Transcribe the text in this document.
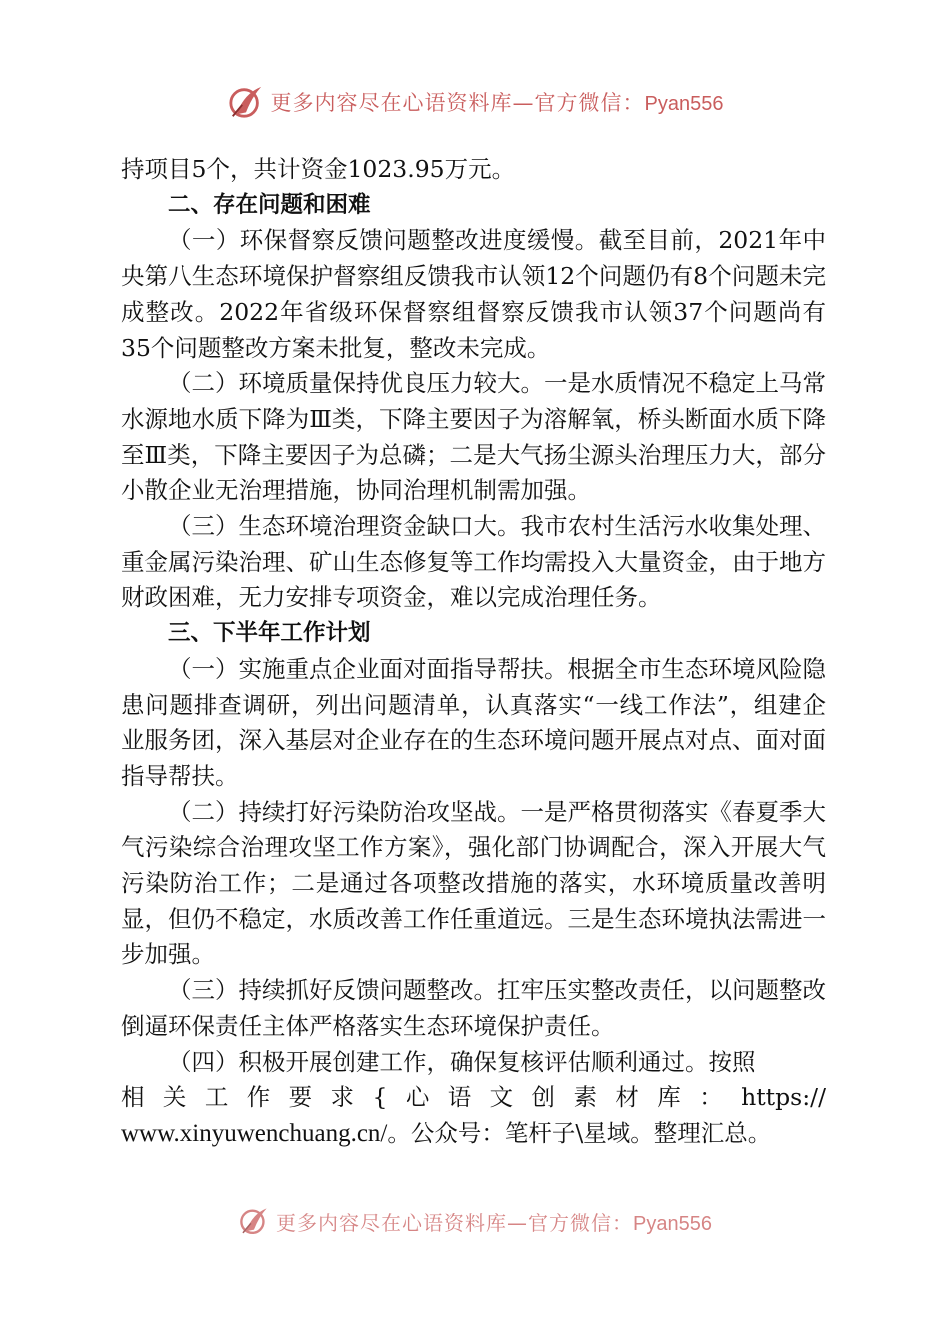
更多内容尽在心语资料库—官方微信：Pyan556

持项目5个，共计资金1023.95万元。

二、存在问题和困难

（一）环保督察反馈问题整改进度缓慢。截至目前，2021年中央第八生态环境保护督察组反馈我市认领12个问题仍有8个问题未完成整改。2022年省级环保督察组督察反馈我市认领37个问题尚有35个问题整改方案未批复，整改未完成。

（二）环境质量保持优良压力较大。一是水质情况不稳定上马常水源地水质下降为Ⅲ类，下降主要因子为溶解氧，桥头断面水质下降至Ⅲ类，下降主要因子为总磷；二是大气扬尘源头治理压力大，部分小散企业无治理措施，协同治理机制需加强。

（三）生态环境治理资金缺口大。我市农村生活污水收集处理、重金属污染治理、矿山生态修复等工作均需投入大量资金，由于地方财政困难，无力安排专项资金，难以完成治理任务。

三、下半年工作计划

（一）实施重点企业面对面指导帮扶。根据全市生态环境风险隐患问题排查调研，列出问题清单，认真落实“一线工作法”，组建企业服务团，深入基层对企业存在的生态环境问题开展点对点、面对面指导帮扶。

（二）持续打好污染防治攻坚战。一是严格贯彻落实《春夏季大气污染综合治理攻坚工作方案》，强化部门协调配合，深入开展大气污染防治工作；二是通过各项整改措施的落实，水环境质量改善明显，但仍不稳定，水质改善工作任重道远。三是生态环境执法需进一步加强。

（三）持续抓好反馈问题整改。扛牢压实整改责任，以问题整改倒逼环保责任主体严格落实生态环境保护责任。

（四）积极开展创建工作，确保复核评估顺利通过。按照

相关工作要求{心语文创素材库：https://

www.xinyuwenchuang.cn/。公众号：笔杆子\星域。整理汇总。

更多内容尽在心语资料库—官方微信：Pyan556
